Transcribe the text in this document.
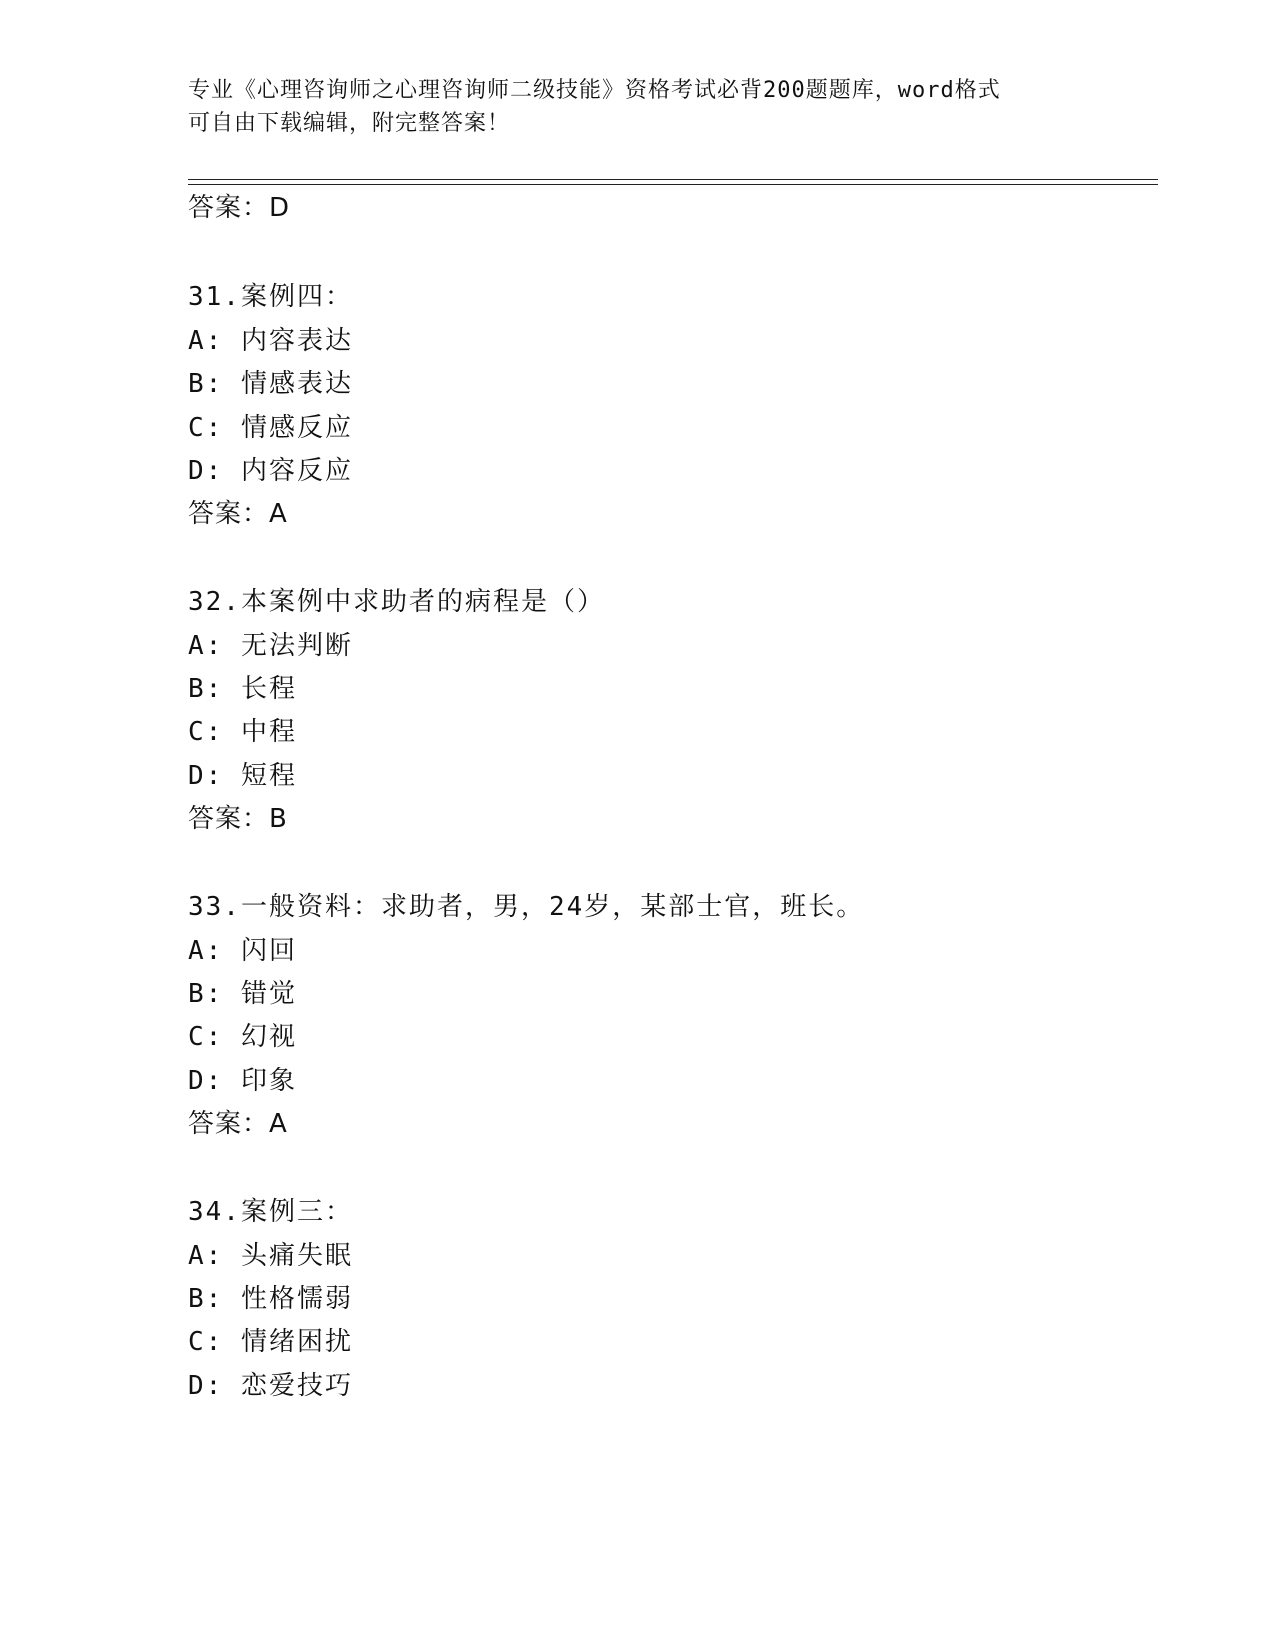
专业《心理咨询师之心理咨询师二级技能》资格考试必背200题题库，word格式
可自由下载编辑，附完整答案！
答案：D
31.案例四：
A: 内容表达
B: 情感表达
C: 情感反应
D: 内容反应
答案：A
32.本案例中求助者的病程是（）
A: 无法判断
B: 长程
C: 中程
D: 短程
答案：B
33.一般资料：求助者，男，24岁，某部士官，班长。
A: 闪回
B: 错觉
C: 幻视
D: 印象
答案：A
34.案例三：
A: 头痛失眠
B: 性格懦弱
C: 情绪困扰
D: 恋爱技巧
